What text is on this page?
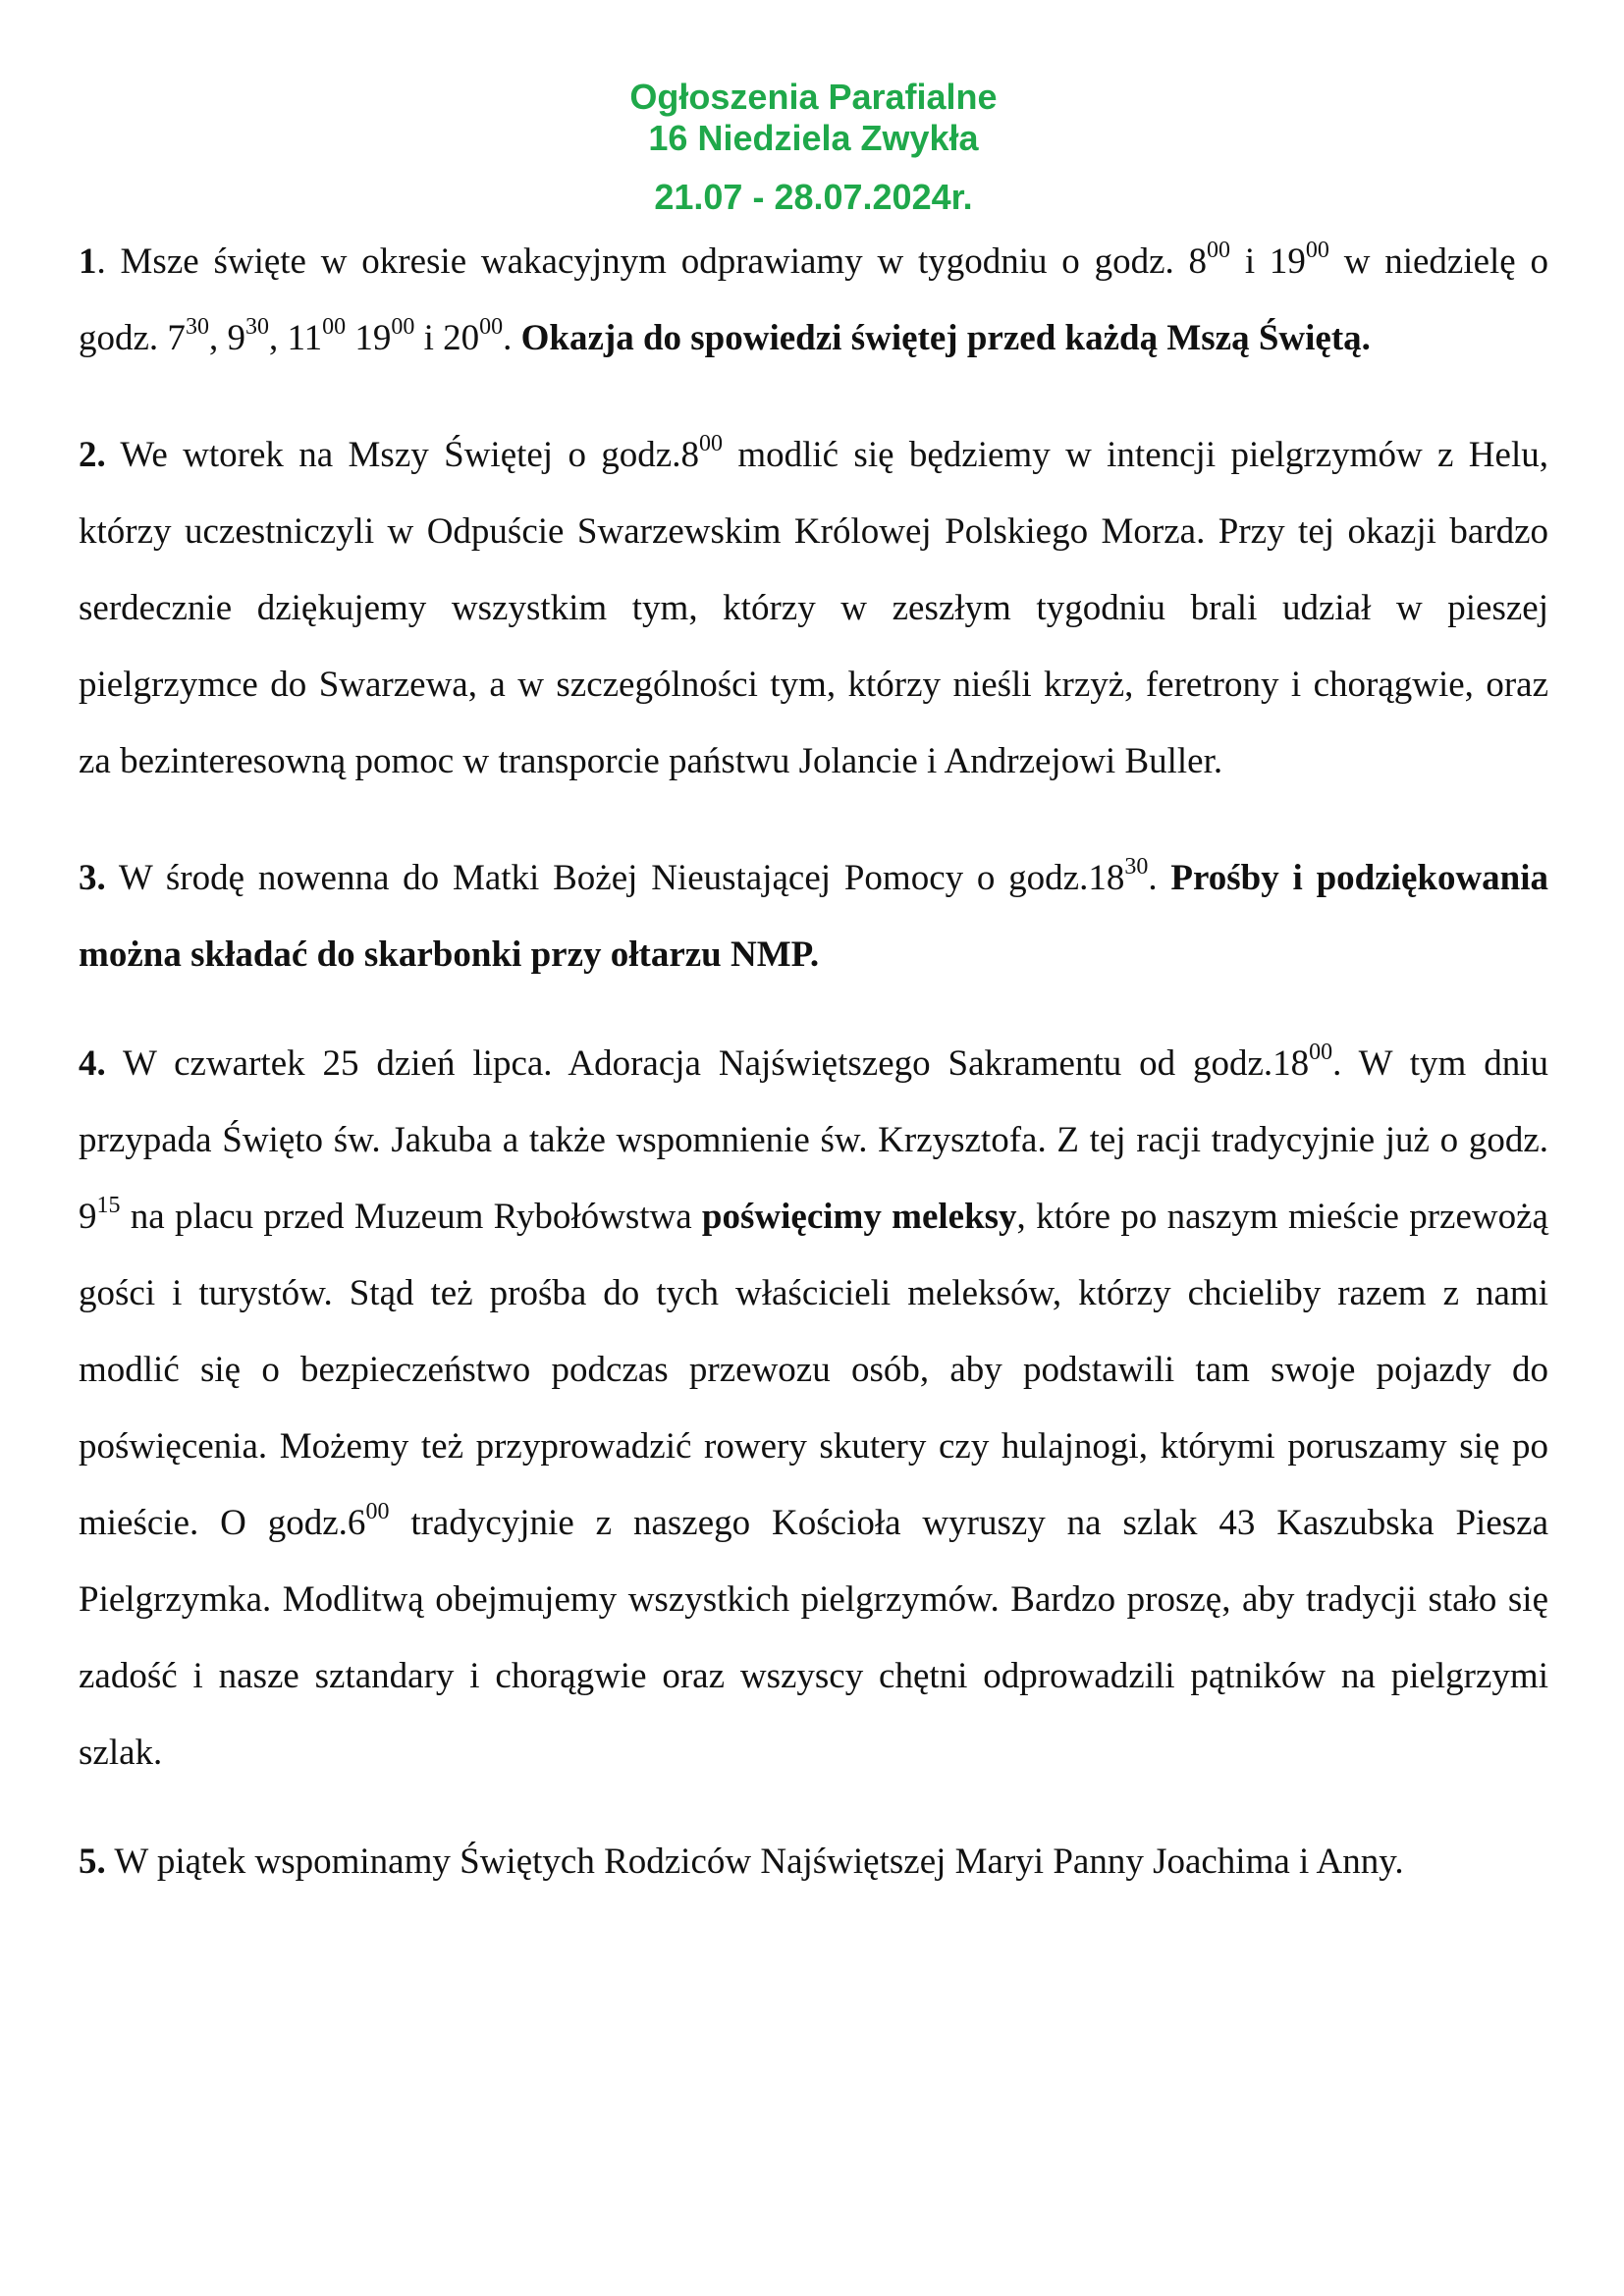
Ogłoszenia Parafialne
16 Niedziela Zwykła
21.07 - 28.07.2024r.

1. Msze święte w okresie wakacyjnym odprawiamy w tygodniu o godz. $8^{00}$ i $19^{00}$ w niedzielę o godz. $7^{30}$, $9^{30}$, $11^{00}$ $19^{00}$ i $20^{00}$. Okazja do spowiedzi świętej przed każdą Mszą Świętą.

2. We wtorek na Mszy Świętej o $godz.8^{00}$ modlić się będziemy w intencji pielgrzymów z Helu, którzy uczestniczyli w Odpuście Swarzewskim Królowej Polskiego Morza. Przy tej okazji bardzo serdecznie dziękujemy wszystkim tym, którzy w zeszłym tygodniu brali udział w pieszej pielgrzymce do Swarzewa, a w szczególności tym, którzy nieśli krzyż, feretrony i chorągwie, oraz za bezinteresowną pomoc w transporcie państwu Jolancie i Andrzejowi Buller.

3. W środę nowenna do Matki Bożej Nieustającej Pomocy o $godz.18^{30}$. Prośby i podziękowania można składać do skarbonki przy ołtarzu NMP.

4. W czwartek 25 dzień lipca. Adoracja Najświętszego Sakramentu od $godz.18^{00}$. W tym dniu przypada Święto św. Jakuba a także wspomnienie św. Krzysztofa. Z tej racji tradycyjnie już o godz. $9^{15}$ na placu przed Muzeum Rybołówstwa poświęcimy meleksy, które po naszym mieście przewożą gości i turystów. Stąd też prośba do tych właścicieli meleksów, którzy chcieliby razem z nami modlić się o bezpieczeństwo podczas przewozu osób, aby podstawili tam swoje pojazdy do poświęcenia. Możemy też przyprowadzić rowery skutery czy hulajnogi, którymi poruszamy się po mieście. O $godz.6^{00}$ tradycyjnie z naszego Kościoła wyruszy na szlak 43 Kaszubska Piesza Pielgrzymka. Modlitwą obejmujemy wszystkich pielgrzymów. Bardzo proszę, aby tradycji stało się zadość i nasze sztandary i chorągwie oraz wszyscy chętni odprowadzili pątników na pielgrzymi szlak.

5. W piątek wspominamy Świętych Rodziców Najświętszej Maryi Panny Joachima i Anny.
